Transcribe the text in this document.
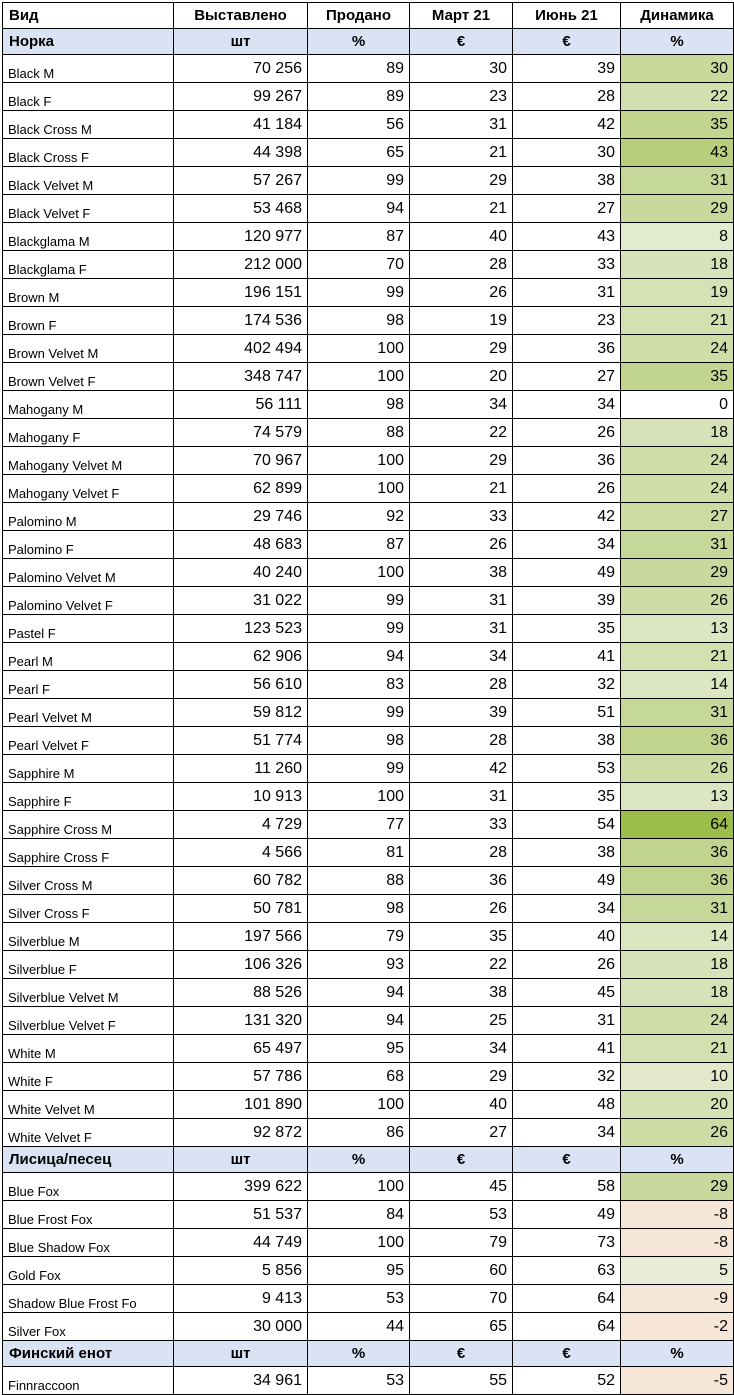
Вид	Выставлено	Продано	Март 21	Июнь 21	Динамика
Норка	шт	%	€	€	%
Black M	70 256	89	30	39	30
Black F	99 267	89	23	28	22
Black Cross M	41 184	56	31	42	35
Black Cross F	44 398	65	21	30	43
Black Velvet M	57 267	99	29	38	31
Black Velvet F	53 468	94	21	27	29
Blackglama M	120 977	87	40	43	8
Blackglama F	212 000	70	28	33	18
Brown M	196 151	99	26	31	19
Brown F	174 536	98	19	23	21
Brown Velvet M	402 494	100	29	36	24
Brown Velvet F	348 747	100	20	27	35
Mahogany M	56 111	98	34	34	0
Mahogany F	74 579	88	22	26	18
Mahogany Velvet M	70 967	100	29	36	24
Mahogany Velvet F	62 899	100	21	26	24
Palomino M	29 746	92	33	42	27
Palomino F	48 683	87	26	34	31
Palomino Velvet M	40 240	100	38	49	29
Palomino Velvet F	31 022	99	31	39	26
Pastel F	123 523	99	31	35	13
Pearl M	62 906	94	34	41	21
Pearl F	56 610	83	28	32	14
Pearl Velvet M	59 812	99	39	51	31
Pearl Velvet F	51 774	98	28	38	36
Sapphire M	11 260	99	42	53	26
Sapphire F	10 913	100	31	35	13
Sapphire Cross M	4 729	77	33	54	64
Sapphire Cross F	4 566	81	28	38	36
Silver Cross M	60 782	88	36	49	36
Silver Cross F	50 781	98	26	34	31
Silverblue M	197 566	79	35	40	14
Silverblue F	106 326	93	22	26	18
Silverblue Velvet M	88 526	94	38	45	18
Silverblue Velvet F	131 320	94	25	31	24
White M	65 497	95	34	41	21
White F	57 786	68	29	32	10
White Velvet M	101 890	100	40	48	20
White Velvet F	92 872	86	27	34	26
Лисица/песец	шт	%	€	€	%
Blue Fox	399 622	100	45	58	29
Blue Frost Fox	51 537	84	53	49	-8
Blue Shadow Fox	44 749	100	79	73	-8
Gold Fox	5 856	95	60	63	5
Shadow Blue Frost Fo	9 413	53	70	64	-9
Silver Fox	30 000	44	65	64	-2
Финский енот	шт	%	€	€	%
Finnraccoon	34 961	53	55	52	-5
